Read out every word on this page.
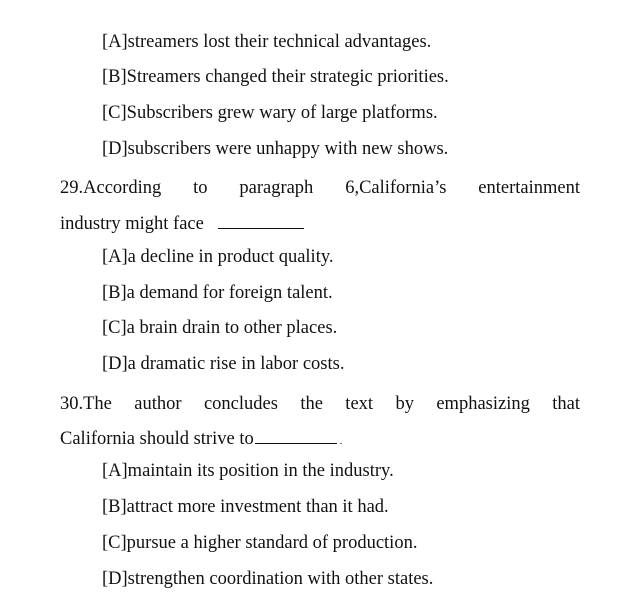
[A]streamers lost their technical advantages.
[B]Streamers changed their strategic priorities.
[C]Subscribers grew wary of large platforms.
[D]subscribers were unhappy with new shows.
29.According to paragraph 6,California’s entertainment
industry might face
[A]a decline in product quality.
[B]a demand for foreign talent.
[C]a brain drain to other places.
[D]a dramatic rise in labor costs.
30.The author concludes the text by emphasizing that
California should strive to	.
[A]maintain its position in the industry.
[B]attract more investment than it had.
[C]pursue a higher standard of production.
[D]strengthen coordination with other states.
